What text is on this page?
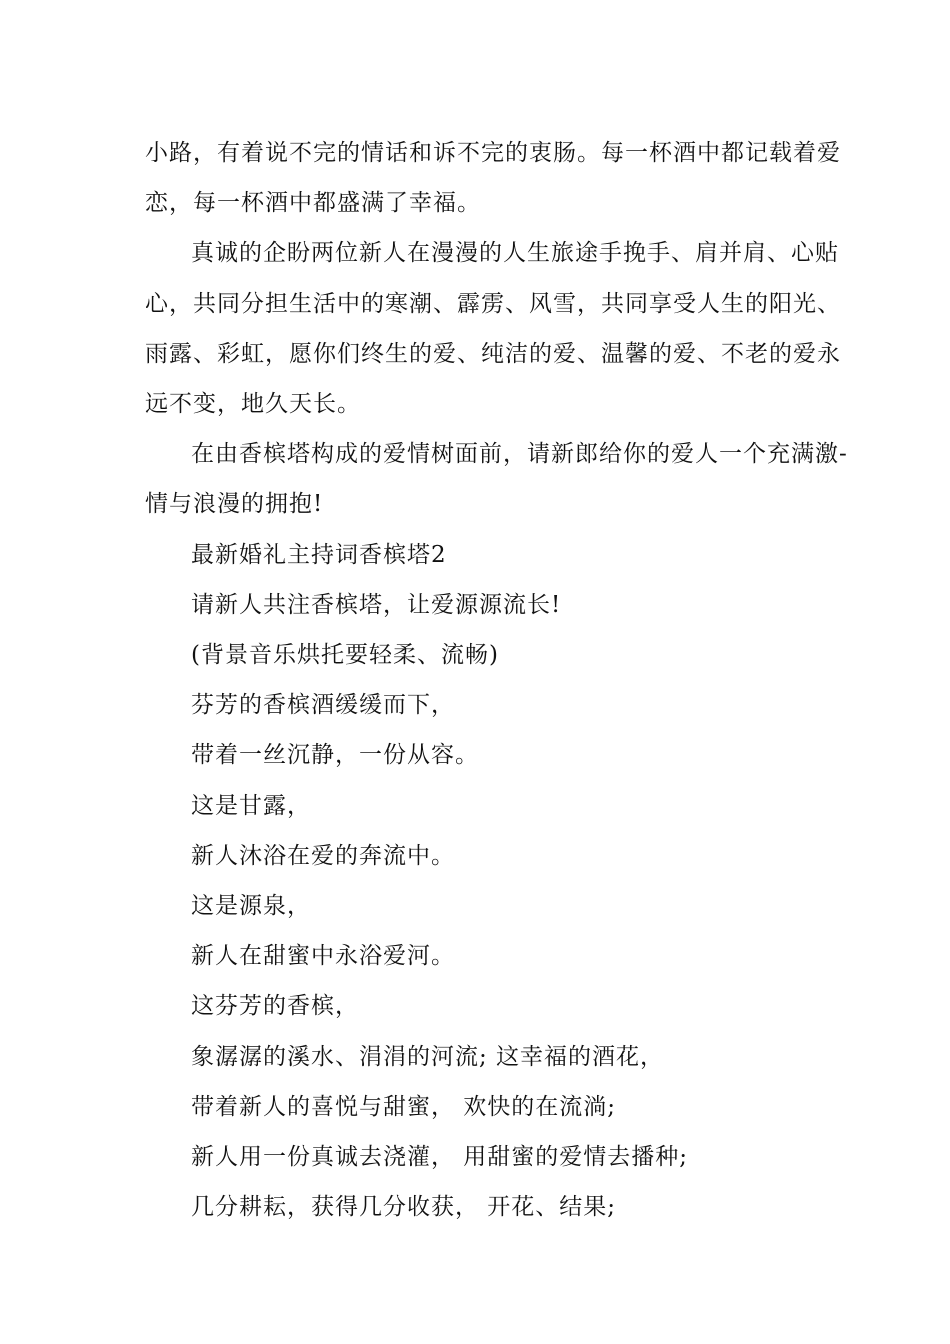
小路，有着说不完的情话和诉不完的衷肠。每一杯酒中都记载着爱

恋，每一杯酒中都盛满了幸福。

真诚的企盼两位新人在漫漫的人生旅途手挽手、肩并肩、心贴

心，共同分担生活中的寒潮、霹雳、风雪，共同享受人生的阳光、

雨露、彩虹，愿你们终生的爱、纯洁的爱、温馨的爱、不老的爱永

远不变，地久天长。

在由香槟塔构成的爱情树面前，请新郎给你的爱人一个充满激-

情与浪漫的拥抱!

最新婚礼主持词香槟塔2

请新人共注香槟塔，让爱源源流长!

(背景音乐烘托要轻柔、流畅)

芬芳的香槟酒缓缓而下，

带着一丝沉静，一份从容。

这是甘露，

新人沐浴在爱的奔流中。

这是源泉，

新人在甜蜜中永浴爱河。

这芬芳的香槟，

象潺潺的溪水、涓涓的河流; 这幸福的酒花，

带着新人的喜悦与甜蜜， 欢快的在流淌;

新人用一份真诚去浇灌， 用甜蜜的爱情去播种;

几分耕耘，获得几分收获， 开花、结果;
